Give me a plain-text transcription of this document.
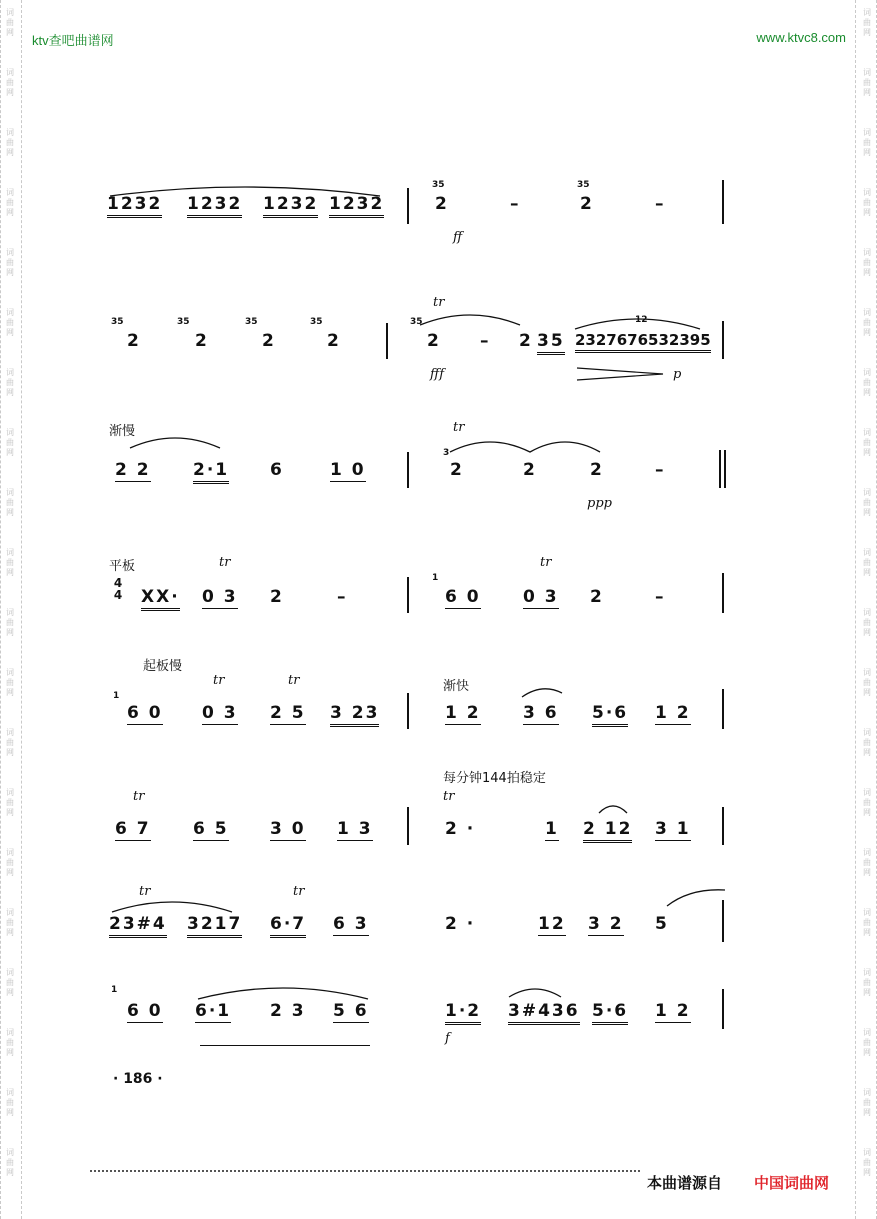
词
曲
网
词
曲
网
词
曲
网
词
曲
网
词
曲
网
词
曲
网
词
曲
网
词
曲
网
词
曲
网
词
曲
网
词
曲
网
词
曲
网
词
曲
网
词
曲
网
词
曲
网
词
曲
网
词
曲
网
词
曲
网
词
曲
网
词
曲
网
词
曲
网
词
曲
网
词
曲
网
词
曲
网
词
曲
网
词
曲
网
词
曲
网
词
曲
网
词
曲
网
词
曲
网
词
曲
网
词
曲
网
词
曲
网
词
曲
网
词
曲
网
词
曲
网
词
曲
网
词
曲
网
词
曲
网
词
曲
网
ktv查吧曲谱网	www.ktvc8.com
1232 1232 1232 1232
35
2	–
35
2	–
ff
35
2
35
2
35
2
35
2
tr
35
2 – 2 35
12
2327676532395
fff	p
渐慢
2 2 2·1 6	1 0
tr
3
2	2	2	–
ppp
平板
4
4 XX·
tr
0 3 2	–
1
6 0
tr
0 3 2	–
起板慢
1
6 0
tr
0 3
tr
2 5 3 23
渐快
1 2 3 6 5·6 1 2
每分钟144拍稳定
tr
6 7 6 5 3 0 1 3
tr
2 ·	1 2 12 3 1
tr
23#4 3217
tr
6·7 6 3	2 ·	12 3 2 5
1
6 0 6·1 2 3 5 6	1·2 3#436 5·6 1 2
f
· 186 ·
本曲谱源自 中国词曲网
